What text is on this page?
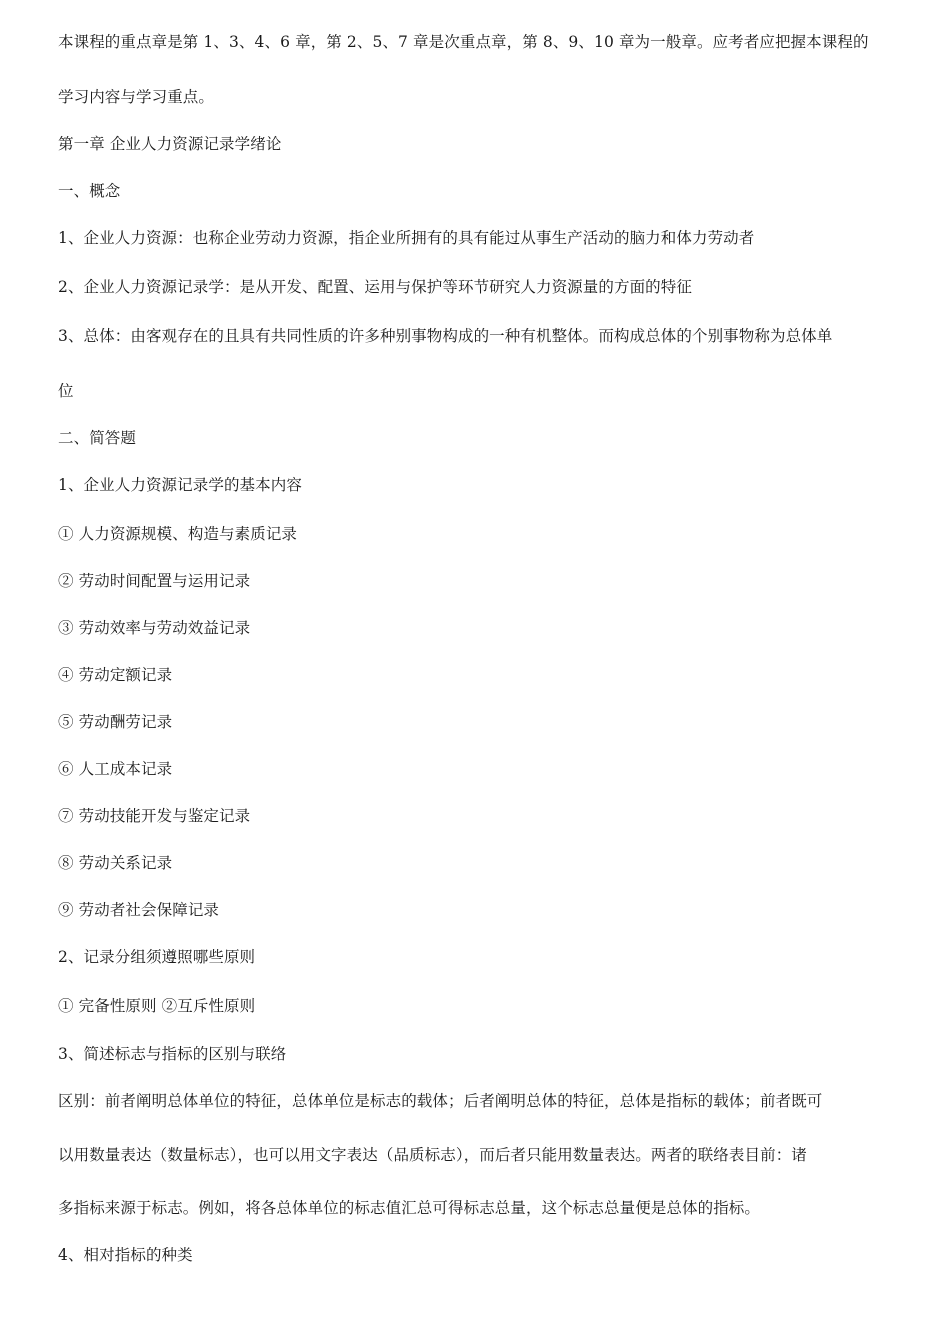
本课程的重点章是第 1、3、4、6 章，第 2、5、7 章是次重点章，第 8、9、10 章为一般章。应考者应把握本课程的
学习内容与学习重点。
第一章 企业人力资源记录学绪论
一、概念
1、企业人力资源：也称企业劳动力资源，指企业所拥有的具有能过从事生产活动的脑力和体力劳动者
2、企业人力资源记录学：是从开发、配置、运用与保护等环节研究人力资源量的方面的特征
3、总体：由客观存在的且具有共同性质的许多种别事物构成的一种有机整体。而构成总体的个别事物称为总体单
位
二、简答题
1、企业人力资源记录学的基本内容
① 人力资源规模、构造与素质记录
② 劳动时间配置与运用记录
③ 劳动效率与劳动效益记录
④ 劳动定额记录
⑤ 劳动酬劳记录
⑥ 人工成本记录
⑦ 劳动技能开发与鉴定记录
⑧ 劳动关系记录
⑨ 劳动者社会保障记录
2、记录分组须遵照哪些原则
① 完备性原则 ②互斥性原则
3、简述标志与指标的区别与联络
区别：前者阐明总体单位的特征，总体单位是标志的载体；后者阐明总体的特征，总体是指标的载体；前者既可
以用数量表达（数量标志），也可以用文字表达（品质标志），而后者只能用数量表达。两者的联络表目前：诸
多指标来源于标志。例如，将各总体单位的标志值汇总可得标志总量，这个标志总量便是总体的指标。
4、相对指标的种类
